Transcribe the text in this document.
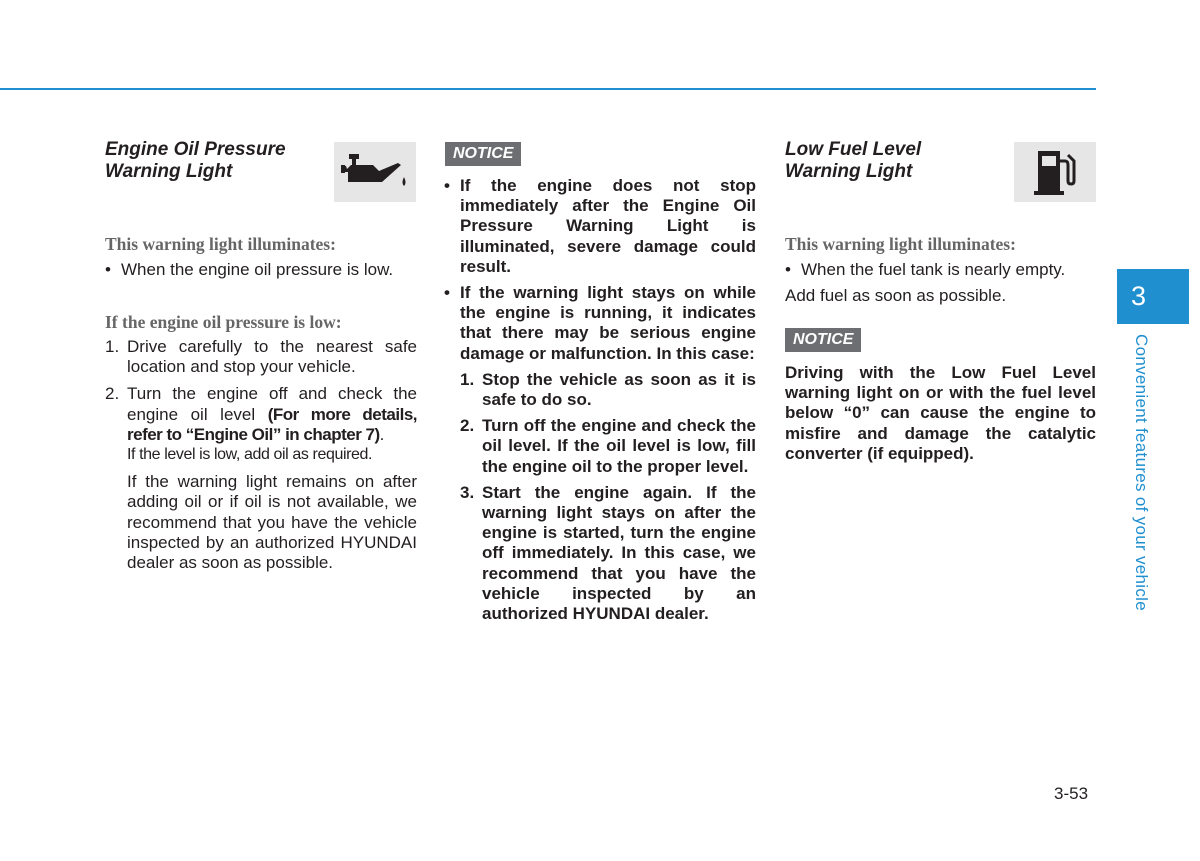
Engine Oil Pressure
Warning Light
This warning light illuminates:
• When the engine oil pressure is low.
If the engine oil pressure is low:
1. Drive carefully to the nearest safe location and stop your vehicle.
2. Turn the engine off and check the engine oil level (For more details, refer to “Engine Oil” in chapter 7).
If the level is low, add oil as required.
If the warning light remains on after adding oil or if oil is not available, we recommend that you have the vehicle inspected by an authorized HYUNDAI dealer as soon as possible.
NOTICE
• If the engine does not stop immediately after the Engine Oil Pressure Warning Light is illuminated, severe damage could result.
• If the warning light stays on while the engine is running, it indicates that there may be serious engine damage or malfunction. In this case:
1. Stop the vehicle as soon as it is safe to do so.
2. Turn off the engine and check the oil level. If the oil level is low, fill the engine oil to the proper level.
3. Start the engine again. If the warning light stays on after the engine is started, turn the engine off immediately. In this case, we recommend that you have the vehicle inspected by an authorized HYUNDAI dealer.
Low Fuel Level
Warning Light
This warning light illuminates:
• When the fuel tank is nearly empty.
Add fuel as soon as possible.
NOTICE
Driving with the Low Fuel Level warning light on or with the fuel level below “0” can cause the engine to misfire and damage the catalytic converter (if equipped).
3
Convenient features of your vehicle
3-53
